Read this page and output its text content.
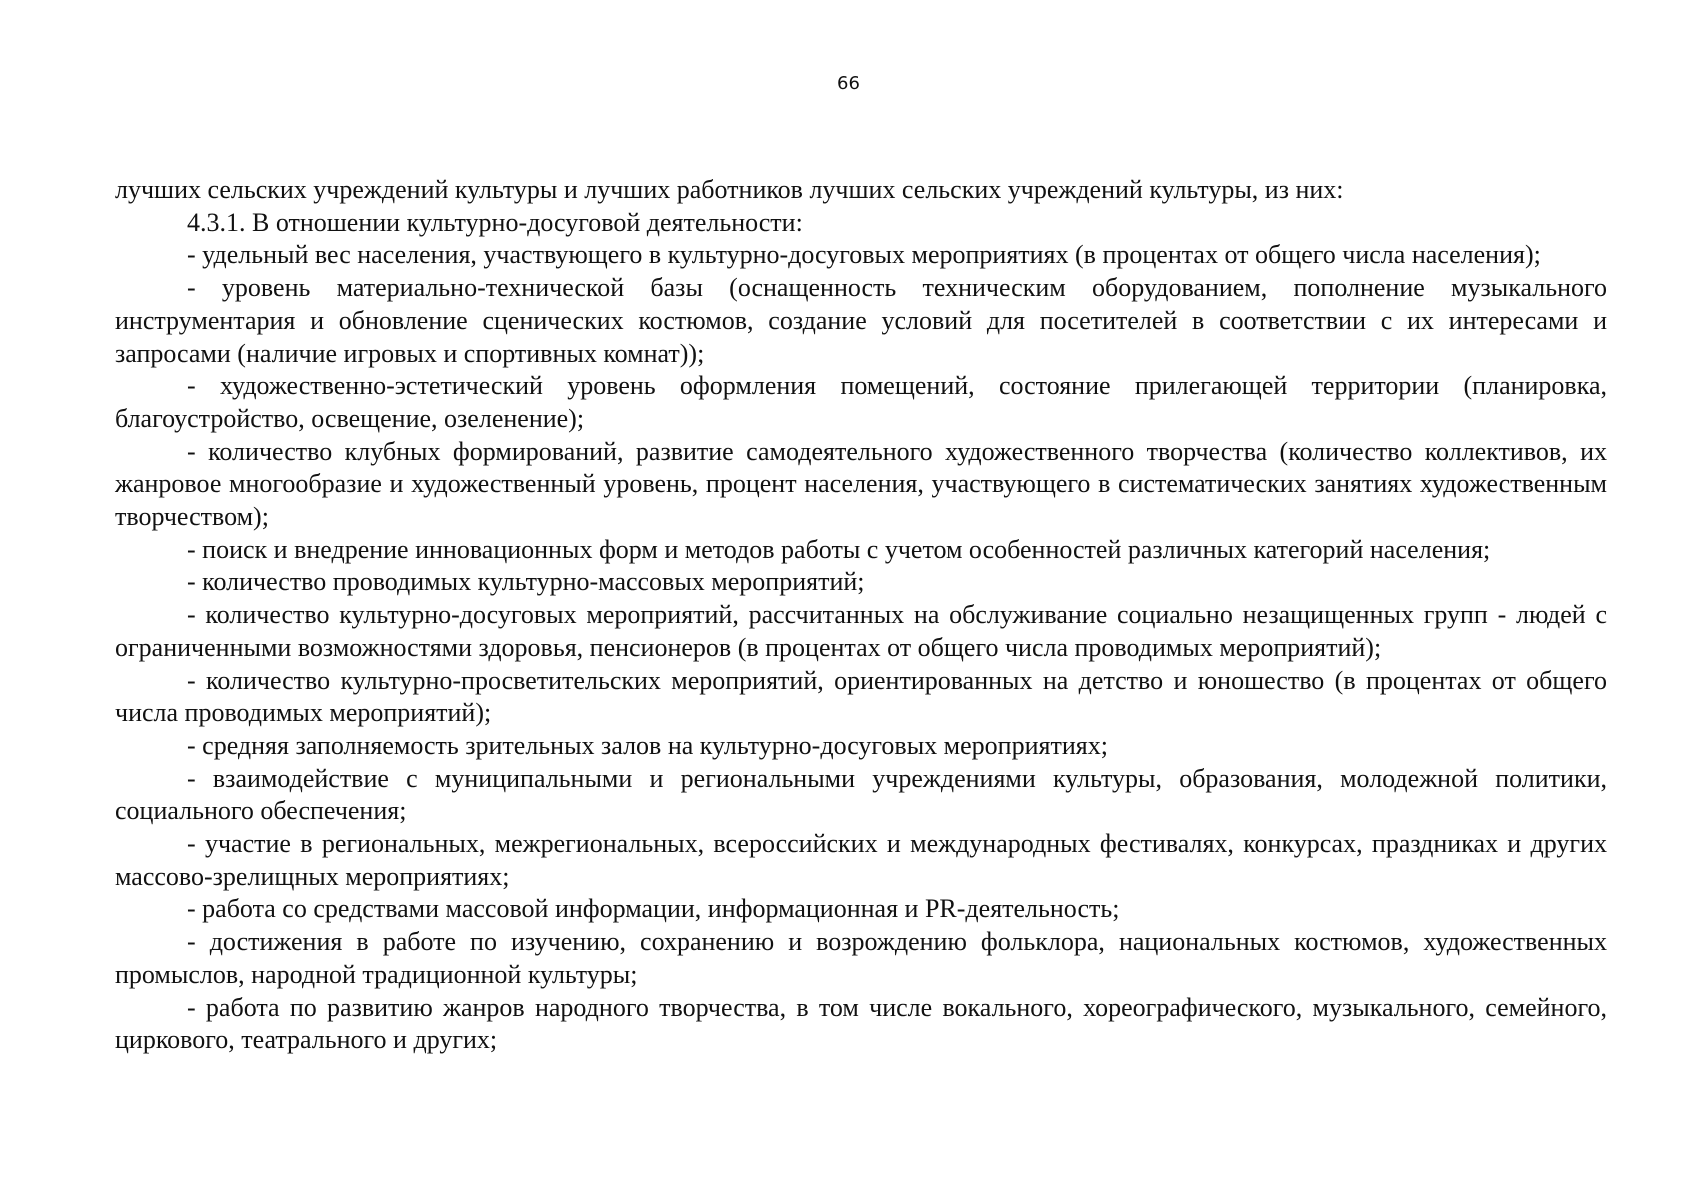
66

лучших сельских учреждений культуры и лучших работников лучших сельских учреждений культуры, из них:

4.3.1. В отношении культурно-досуговой деятельности:

- удельный вес населения, участвующего в культурно-досуговых мероприятиях (в процентах от общего числа населения);

- уровень материально-технической базы (оснащенность техническим оборудованием, пополнение музыкального инструментария и обновление сценических костюмов, создание условий для посетителей в соответствии с их интересами и запросами (наличие игровых и спортивных комнат));

- художественно-эстетический уровень оформления помещений, состояние прилегающей территории (планировка, благоустройство, освещение, озеленение);

- количество клубных формирований, развитие самодеятельного художественного творчества (количество коллективов, их жанровое многообразие и художественный уровень, процент населения, участвующего в систематических занятиях художественным творчеством);

- поиск и внедрение инновационных форм и методов работы с учетом особенностей различных категорий населения;

- количество проводимых культурно-массовых мероприятий;

- количество культурно-досуговых мероприятий, рассчитанных на обслуживание социально незащищенных групп - людей с ограниченными возможностями здоровья, пенсионеров (в процентах от общего числа проводимых мероприятий);

- количество культурно-просветительских мероприятий, ориентированных на детство и юношество (в процентах от общего числа проводимых мероприятий);

- средняя заполняемость зрительных залов на культурно-досуговых мероприятиях;

- взаимодействие с муниципальными и региональными учреждениями культуры, образования, молодежной политики, социального обеспечения;

- участие в региональных, межрегиональных, всероссийских и международных фестивалях, конкурсах, праздниках и других массово-зрелищных мероприятиях;

- работа со средствами массовой информации, информационная и PR-деятельность;

- достижения в работе по изучению, сохранению и возрождению фольклора, национальных костюмов, художественных промыслов, народной традиционной культуры;

- работа по развитию жанров народного творчества, в том числе вокального, хореографического, музыкального, семейного, циркового, театрального и других;
